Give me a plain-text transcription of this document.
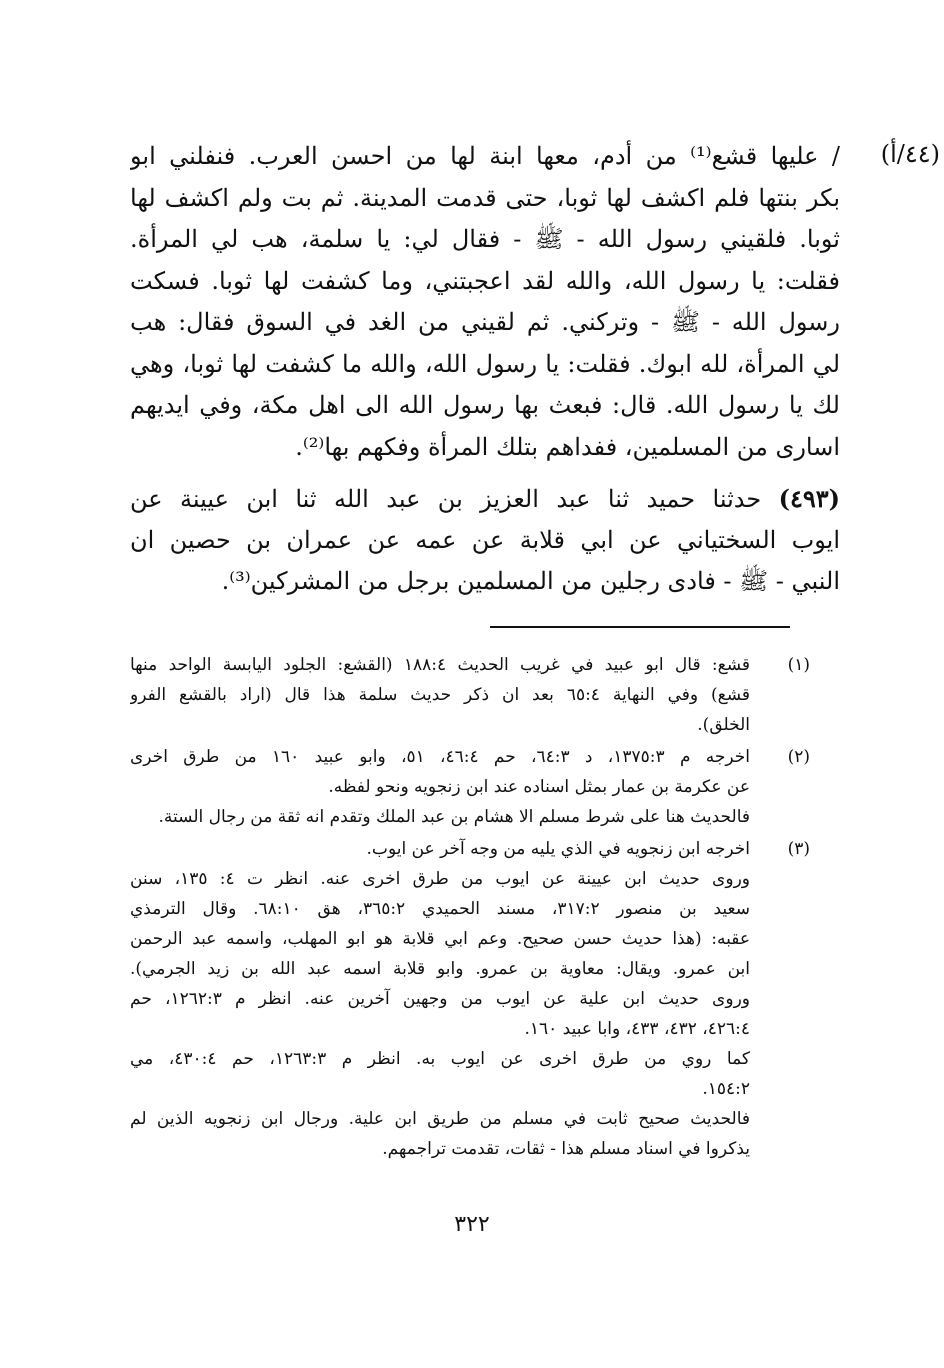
(٤٤/أ)
/ عليها قشع⁽¹⁾ من أدم، معها ابنة لها من احسن العرب. فنفلني ابو
بكر بنتها فلم اكشف لها ثوبا، حتى قدمت المدينة. ثم بت ولم اكشف لها
ثوبا. فلقيني رسول الله - ﷺ - فقال لي: يا سلمة، هب لي المرأة.
فقلت: يا رسول الله، والله لقد اعجبتني، وما كشفت لها ثوبا. فسكت
رسول الله - ﷺ - وتركني. ثم لقيني من الغد في السوق فقال: هب
لي المرأة، لله ابوك. فقلت: يا رسول الله، والله ما كشفت لها ثوبا، وهي
لك يا رسول الله. قال: فبعث بها رسول الله الى اهل مكة، وفي ايديهم
اسارى من المسلمين، ففداهم بتلك المرأة وفكهم بها⁽²⁾.
(٤٩٣) حدثنا حميد ثنا عبد العزيز بن عبد الله ثنا ابن عيينة عن
ايوب السختياني عن ابي قلابة عن عمه عن عمران بن حصين ان
النبي - ﷺ - فادى رجلين من المسلمين برجل من المشركين⁽³⁾.
(١)
قشع: قال ابو عبيد في غريب الحديث ١٨٨:٤ (القشع: الجلود اليابسة الواحد منها
قشع) وفي النهاية ٦٥:٤ بعد ان ذكر حديث سلمة هذا قال (اراد بالقشع الفرو
الخلق).
(٢)
اخرجه م ١٣٧٥:٣، د ٦٤:٣، حم ٤٦:٤، ٥١، وابو عبيد ١٦٠ من طرق اخرى
عن عكرمة بن عمار بمثل اسناده عند ابن زنجويه ونحو لفظه.
فالحديث هنا على شرط مسلم الا هشام بن عبد الملك وتقدم انه ثقة من رجال الستة.
(٣)
اخرجه ابن زنجويه في الذي يليه من وجه آخر عن ايوب.
وروى حديث ابن عيينة عن ايوب من طرق اخرى عنه. انظر ت ٤: ١٣٥، سنن
سعيد بن منصور ٣١٧:٢، مسند الحميدي ٣٦٥:٢، هق ٦٨:١٠. وقال الترمذي
عقبه: (هذا حديث حسن صحيح. وعم ابي قلابة هو ابو المهلب، واسمه عبد الرحمن
ابن عمرو. ويقال: معاوية بن عمرو. وابو قلابة اسمه عبد الله بن زيد الجرمي).
وروى حديث ابن علية عن ايوب من وجهين آخرين عنه. انظر م ١٢٦٢:٣، حم
٤٢٦:٤، ٤٣٢، ٤٣٣، وابا عبيد ١٦٠.
كما روي من طرق اخرى عن ايوب به. انظر م ١٢٦٣:٣، حم ٤٣٠:٤، مي
١٥٤:٢.
فالحديث صحيح ثابت في مسلم من طريق ابن علية. ورجال ابن زنجويه الذين لم
يذكروا في اسناد مسلم هذا - ثقات، تقدمت تراجمهم.
٣٢٢
